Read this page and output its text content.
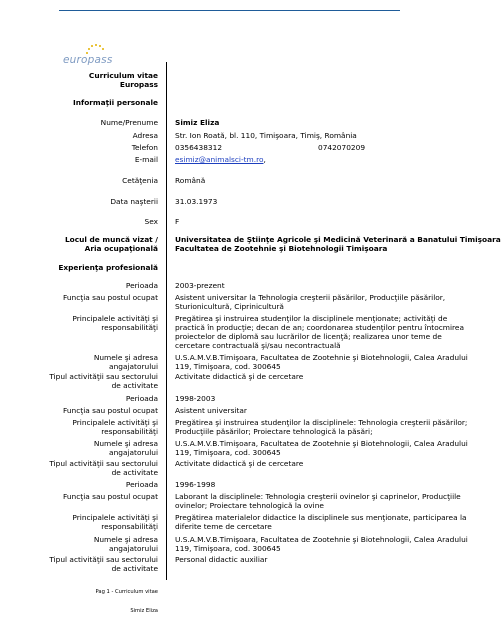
europass
Curriculum vitae
Europass
Informaţii personale
Nume/Prenume Simiz Eliza
Adresa Str. Ion Roată, bl. 110, Timişoara, Timiş, România
Telefon 0356438312	0742070209
E-mail esimiz@animalsci-tm.ro,
Cetăţenia Română
Data naşterii 31.03.1973
Sex F
Locul de muncă vizat /
Aria ocupaţională
Universitatea de Ştiinţe Agricole şi Medicină Veterinară a Banatului Timişoara
Facultatea de Zootehnie şi Biotehnologii Timişoara
Experienţa profesională
Perioada 2003-prezent
Funcţia sau postul ocupat Asistent universitar la Tehnologia creşterii păsărilor, Producţiile păsărilor,
Sturionicultură, Ciprinicultură
Principalele activităţi şi
responsabilităţi
Pregătirea şi instruirea studenţilor la disciplinele menţionate; activităţi de
practică în producţie; decan de an; coordonarea studenţilor pentru întocmirea
proiectelor de diplomă sau lucrărilor de licenţă; realizarea unor teme de
cercetare contractuală şi/sau necontractuală
Numele şi adresa
angajatorului
U.S.A.M.V.B.Timişoara, Facultatea de Zootehnie şi Biotehnologii, Calea Aradului
119, Timişoara, cod. 300645
Tipul activităţii sau sectorului
de activitate
Activitate didactică şi de cercetare
Perioada 1998-2003
Funcţia sau postul ocupat Asistent universitar
Principalele activităţi şi
responsabilităţi
Pregătirea şi instruirea studenţilor la disciplinele: Tehnologia creşterii păsărilor;
Producţiile păsărilor; Proiectare tehnologică la păsări;
Numele şi adresa
angajatorului
U.S.A.M.V.B.Timişoara, Facultatea de Zootehnie şi Biotehnologii, Calea Aradului
119, Timişoara, cod. 300645
Tipul activităţii sau sectorului
de activitate
Activitate didactică şi de cercetare
Perioada 1996-1998
Funcţia sau postul ocupat Laborant la disciplinele: Tehnologia creşterii ovinelor şi caprinelor, Producţiile
ovinelor; Proiectare tehnologică la ovine
Principalele activităţi şi
responsabilităţi
Pregătirea materialelor didactice la disciplinele sus menţionate, participarea la
diferite teme de cercetare
Numele şi adresa
angajatorului
U.S.A.M.V.B.Timişoara, Facultatea de Zootehnie şi Biotehnologii, Calea Aradului
119, Timişoara, cod. 300645
Tipul activităţii sau sectorului
de activitate
Personal didactic auxiliar
Pag 1 - Curriculum vitae
Simiz Eliza
